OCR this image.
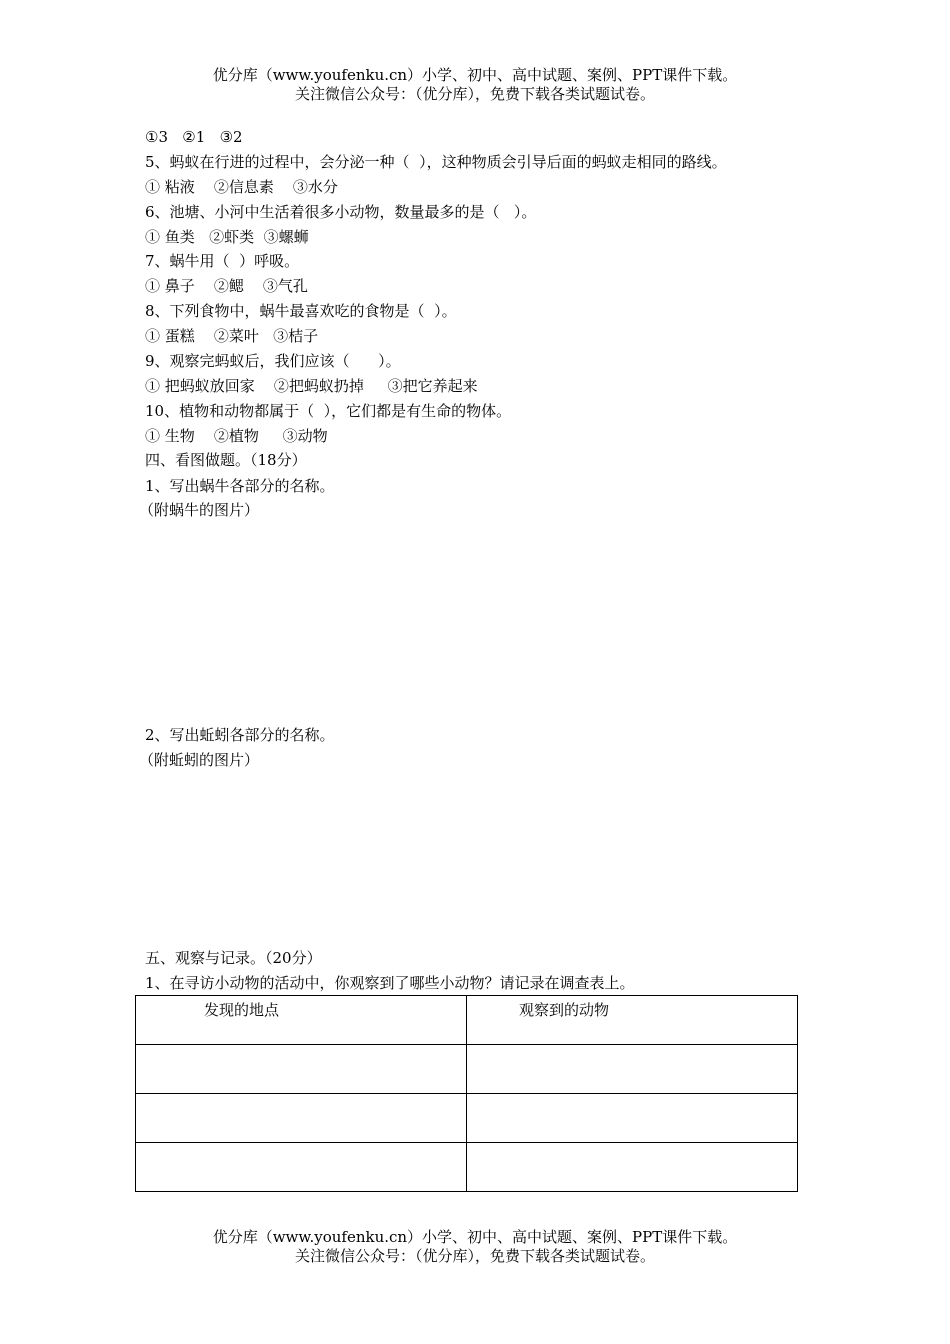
优分库（www.youfenku.cn）小学、初中、高中试题、案例、PPT课件下载。
关注微信公众号：（优分库），免费下载各类试题试卷。
①3   ②1   ③2
5、蚂蚁在行进的过程中，会分泌一种（  ），这种物质会引导后面的蚂蚁走相同的路线。
① 粘液    ②信息素    ③水分
6、池塘、小河中生活着很多小动物，数量最多的是（   ）。
① 鱼类   ②虾类  ③螺蛳
7、蜗牛用（  ）呼吸。
① 鼻子    ②鳃    ③气孔
8、下列食物中，蜗牛最喜欢吃的食物是（  ）。
① 蛋糕    ②菜叶   ③桔子
9、观察完蚂蚁后，我们应该（      ）。
① 把蚂蚁放回家    ②把蚂蚁扔掉     ③把它养起来
10、植物和动物都属于（  ），它们都是有生命的物体。
① 生物    ②植物     ③动物
四、看图做题。（18分）
1、写出蜗牛各部分的名称。
（附蜗牛的图片）
2、写出蚯蚓各部分的名称。
（附蚯蚓的图片）
五、观察与记录。（20分）
1、在寻访小动物的活动中，你观察到了哪些小动物？请记录在调查表上。
发现的地点	观察到的动物

优分库（www.youfenku.cn）小学、初中、高中试题、案例、PPT课件下载。
关注微信公众号：（优分库），免费下载各类试题试卷。
